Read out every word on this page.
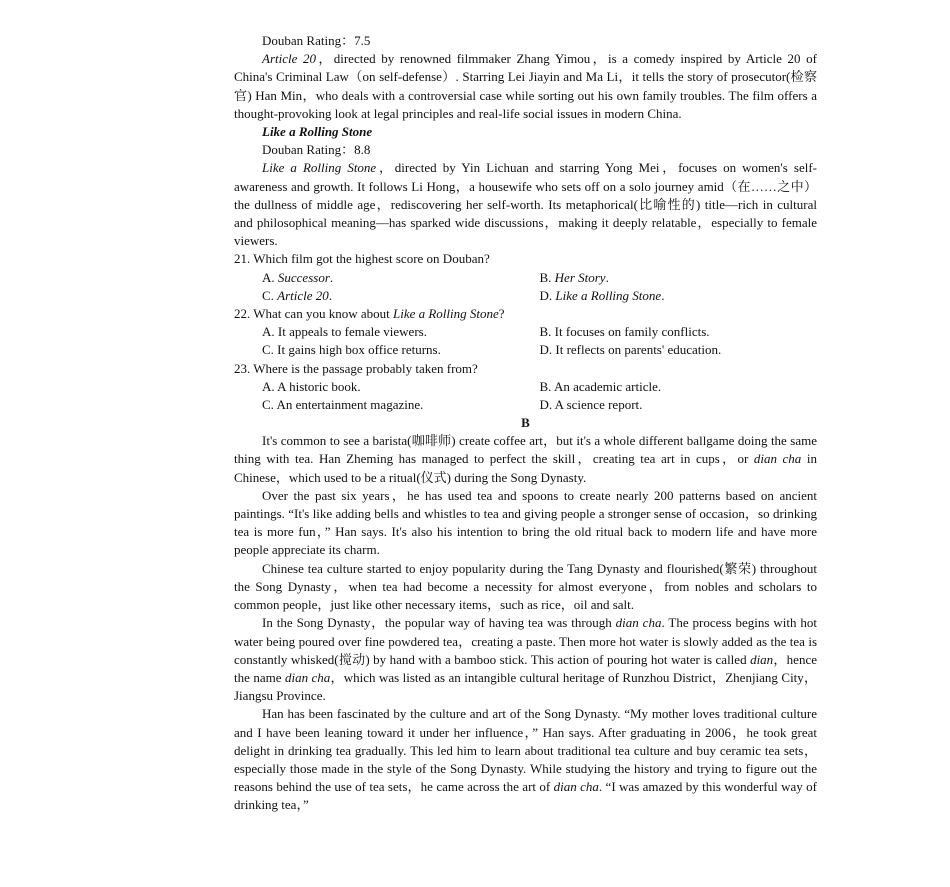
Douban Rating：7.5

Article 20，directed by renowned filmmaker Zhang Yimou，is a comedy inspired by Article 20 of China's Criminal Law（on self-defense）. Starring Lei Jiayin and Ma Li，it tells the story of prosecutor(检察官) Han Min，who deals with a controversial case while sorting out his own family troubles. The film offers a thought-provoking look at legal principles and real-life social issues in modern China.

Like a Rolling Stone
Douban Rating：8.8

Like a Rolling Stone，directed by Yin Lichuan and starring Yong Mei，focuses on women's self-awareness and growth. It follows Li Hong，a housewife who sets off on a solo journey amid（在……之中）the dullness of middle age，rediscovering her self-worth. Its metaphorical(比喻性的) title—rich in cultural and philosophical meaning—has sparked wide discussions，making it deeply relatable，especially to female viewers.

21. Which film got the highest score on Douban?
A. Successor.	B. Her Story.
C. Article 20.	D. Like a Rolling Stone.
22. What can you know about Like a Rolling Stone?
A. It appeals to female viewers.	B. It focuses on family conflicts.
C. It gains high box office returns.	D. It reflects on parents' education.
23. Where is the passage probably taken from?
A. A historic book.	B. An academic article.
C. An entertainment magazine.	D. A science report.
B

It's common to see a barista(咖啡师) create coffee art，but it's a whole different ballgame doing the same thing with tea. Han Zheming has managed to perfect the skill，creating tea art in cups，or dian cha in Chinese，which used to be a ritual(仪式) during the Song Dynasty.

Over the past six years，he has used tea and spoons to create nearly 200 patterns based on ancient paintings. “It's like adding bells and whistles to tea and giving people a stronger sense of occasion，so drinking tea is more fun，” Han says. It's also his intention to bring the old ritual back to modern life and have more people appreciate its charm.

Chinese tea culture started to enjoy popularity during the Tang Dynasty and flourished(繁荣) throughout the Song Dynasty，when tea had become a necessity for almost everyone，from nobles and scholars to common people，just like other necessary items，such as rice，oil and salt.

In the Song Dynasty，the popular way of having tea was through dian cha. The process begins with hot water being poured over fine powdered tea，creating a paste. Then more hot water is slowly added as the tea is constantly whisked(搅动) by hand with a bamboo stick. This action of pouring hot water is called dian，hence the name dian cha，which was listed as an intangible cultural heritage of Runzhou District，Zhenjiang City，Jiangsu Province.

Han has been fascinated by the culture and art of the Song Dynasty. “My mother loves traditional culture and I have been leaning toward it under her influence，” Han says. After graduating in 2006，he took great delight in drinking tea gradually. This led him to learn about traditional tea culture and buy ceramic tea sets，especially those made in the style of the Song Dynasty. While studying the history and trying to figure out the reasons behind the use of tea sets，he came across the art of dian cha. “I was amazed by this wonderful way of drinking tea，”
